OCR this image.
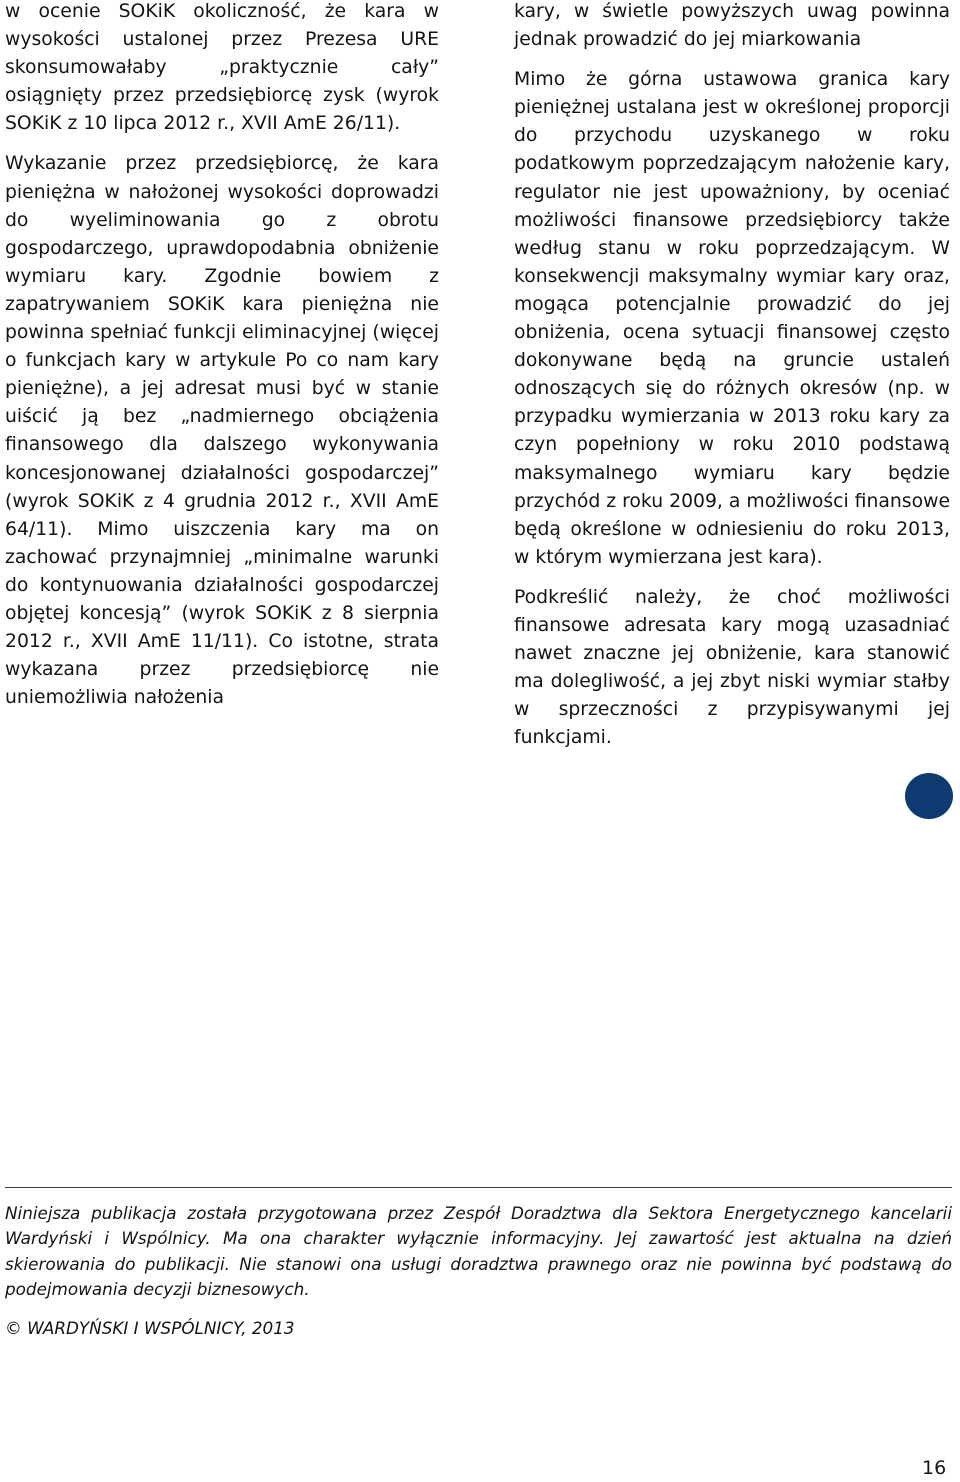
w ocenie SOKiK okoliczność, że kara w wysokości ustalonej przez Prezesa URE skonsumowałaby „praktycznie cały” osiągnięty przez przedsiębiorcę zysk (wyrok SOKiK z 10 lipca 2012 r., XVII AmE 26/11).

Wykazanie przez przedsiębiorcę, że kara pieniężna w nałożonej wysokości doprowadzi do wyeliminowania go z obrotu gospodarczego, uprawdopodabnia obniżenie wymiaru kary. Zgodnie bowiem z zapatrywaniem SOKiK kara pieniężna nie powinna spełniać funkcji eliminacyjnej (więcej o funkcjach kary w artykule Po co nam kary pieniężne), a jej adresat musi być w stanie uiścić ją bez „nadmiernego obciążenia finansowego dla dalszego wykonywania koncesjonowanej działalności gospodarczej” (wyrok SOKiK z 4 grudnia 2012 r., XVII AmE 64/11). Mimo uiszczenia kary ma on zachować przynajmniej „minimalne warunki do kontynuowania działalności gospodarczej objętej koncesją” (wyrok SOKiK z 8 sierpnia 2012 r., XVII AmE 11/11). Co istotne, strata wykazana przez przedsiębiorcę nie uniemożliwia nałożenia

kary, w świetle powyższych uwag powinna jednak prowadzić do jej miarkowania

Mimo że górna ustawowa granica kary pieniężnej ustalana jest w określonej proporcji do przychodu uzyskanego w roku podatkowym poprzedzającym nałożenie kary, regulator nie jest upoważniony, by oceniać możliwości finansowe przedsiębiorcy także według stanu w roku poprzedzającym. W konsekwencji maksymalny wymiar kary oraz, mogąca potencjalnie prowadzić do jej obniżenia, ocena sytuacji finansowej często dokonywane będą na gruncie ustaleń odnoszących się do różnych okresów (np. w przypadku wymierzania w 2013 roku kary za czyn popełniony w roku 2010 podstawą maksymalnego wymiaru kary będzie przychód z roku 2009, a możliwości finansowe będą określone w odniesieniu do roku 2013, w którym wymierzana jest kara).

Podkreślić należy, że choć możliwości finansowe adresata kary mogą uzasadniać nawet znaczne jej obniżenie, kara stanowić ma dolegliwość, a jej zbyt niski wymiar stałby w sprzeczności z przypisywanymi jej funkcjami.

Niniejsza publikacja została przygotowana przez Zespół Doradztwa dla Sektora Energetycznego kancelarii Wardyński i Wspólnicy. Ma ona charakter wyłącznie informacyjny. Jej zawartość jest aktualna na dzień skierowania do publikacji. Nie stanowi ona usługi doradztwa prawnego oraz nie powinna być podstawą do podejmowania decyzji biznesowych.

© WARDYŃSKI I WSPÓLNICY, 2013

16
